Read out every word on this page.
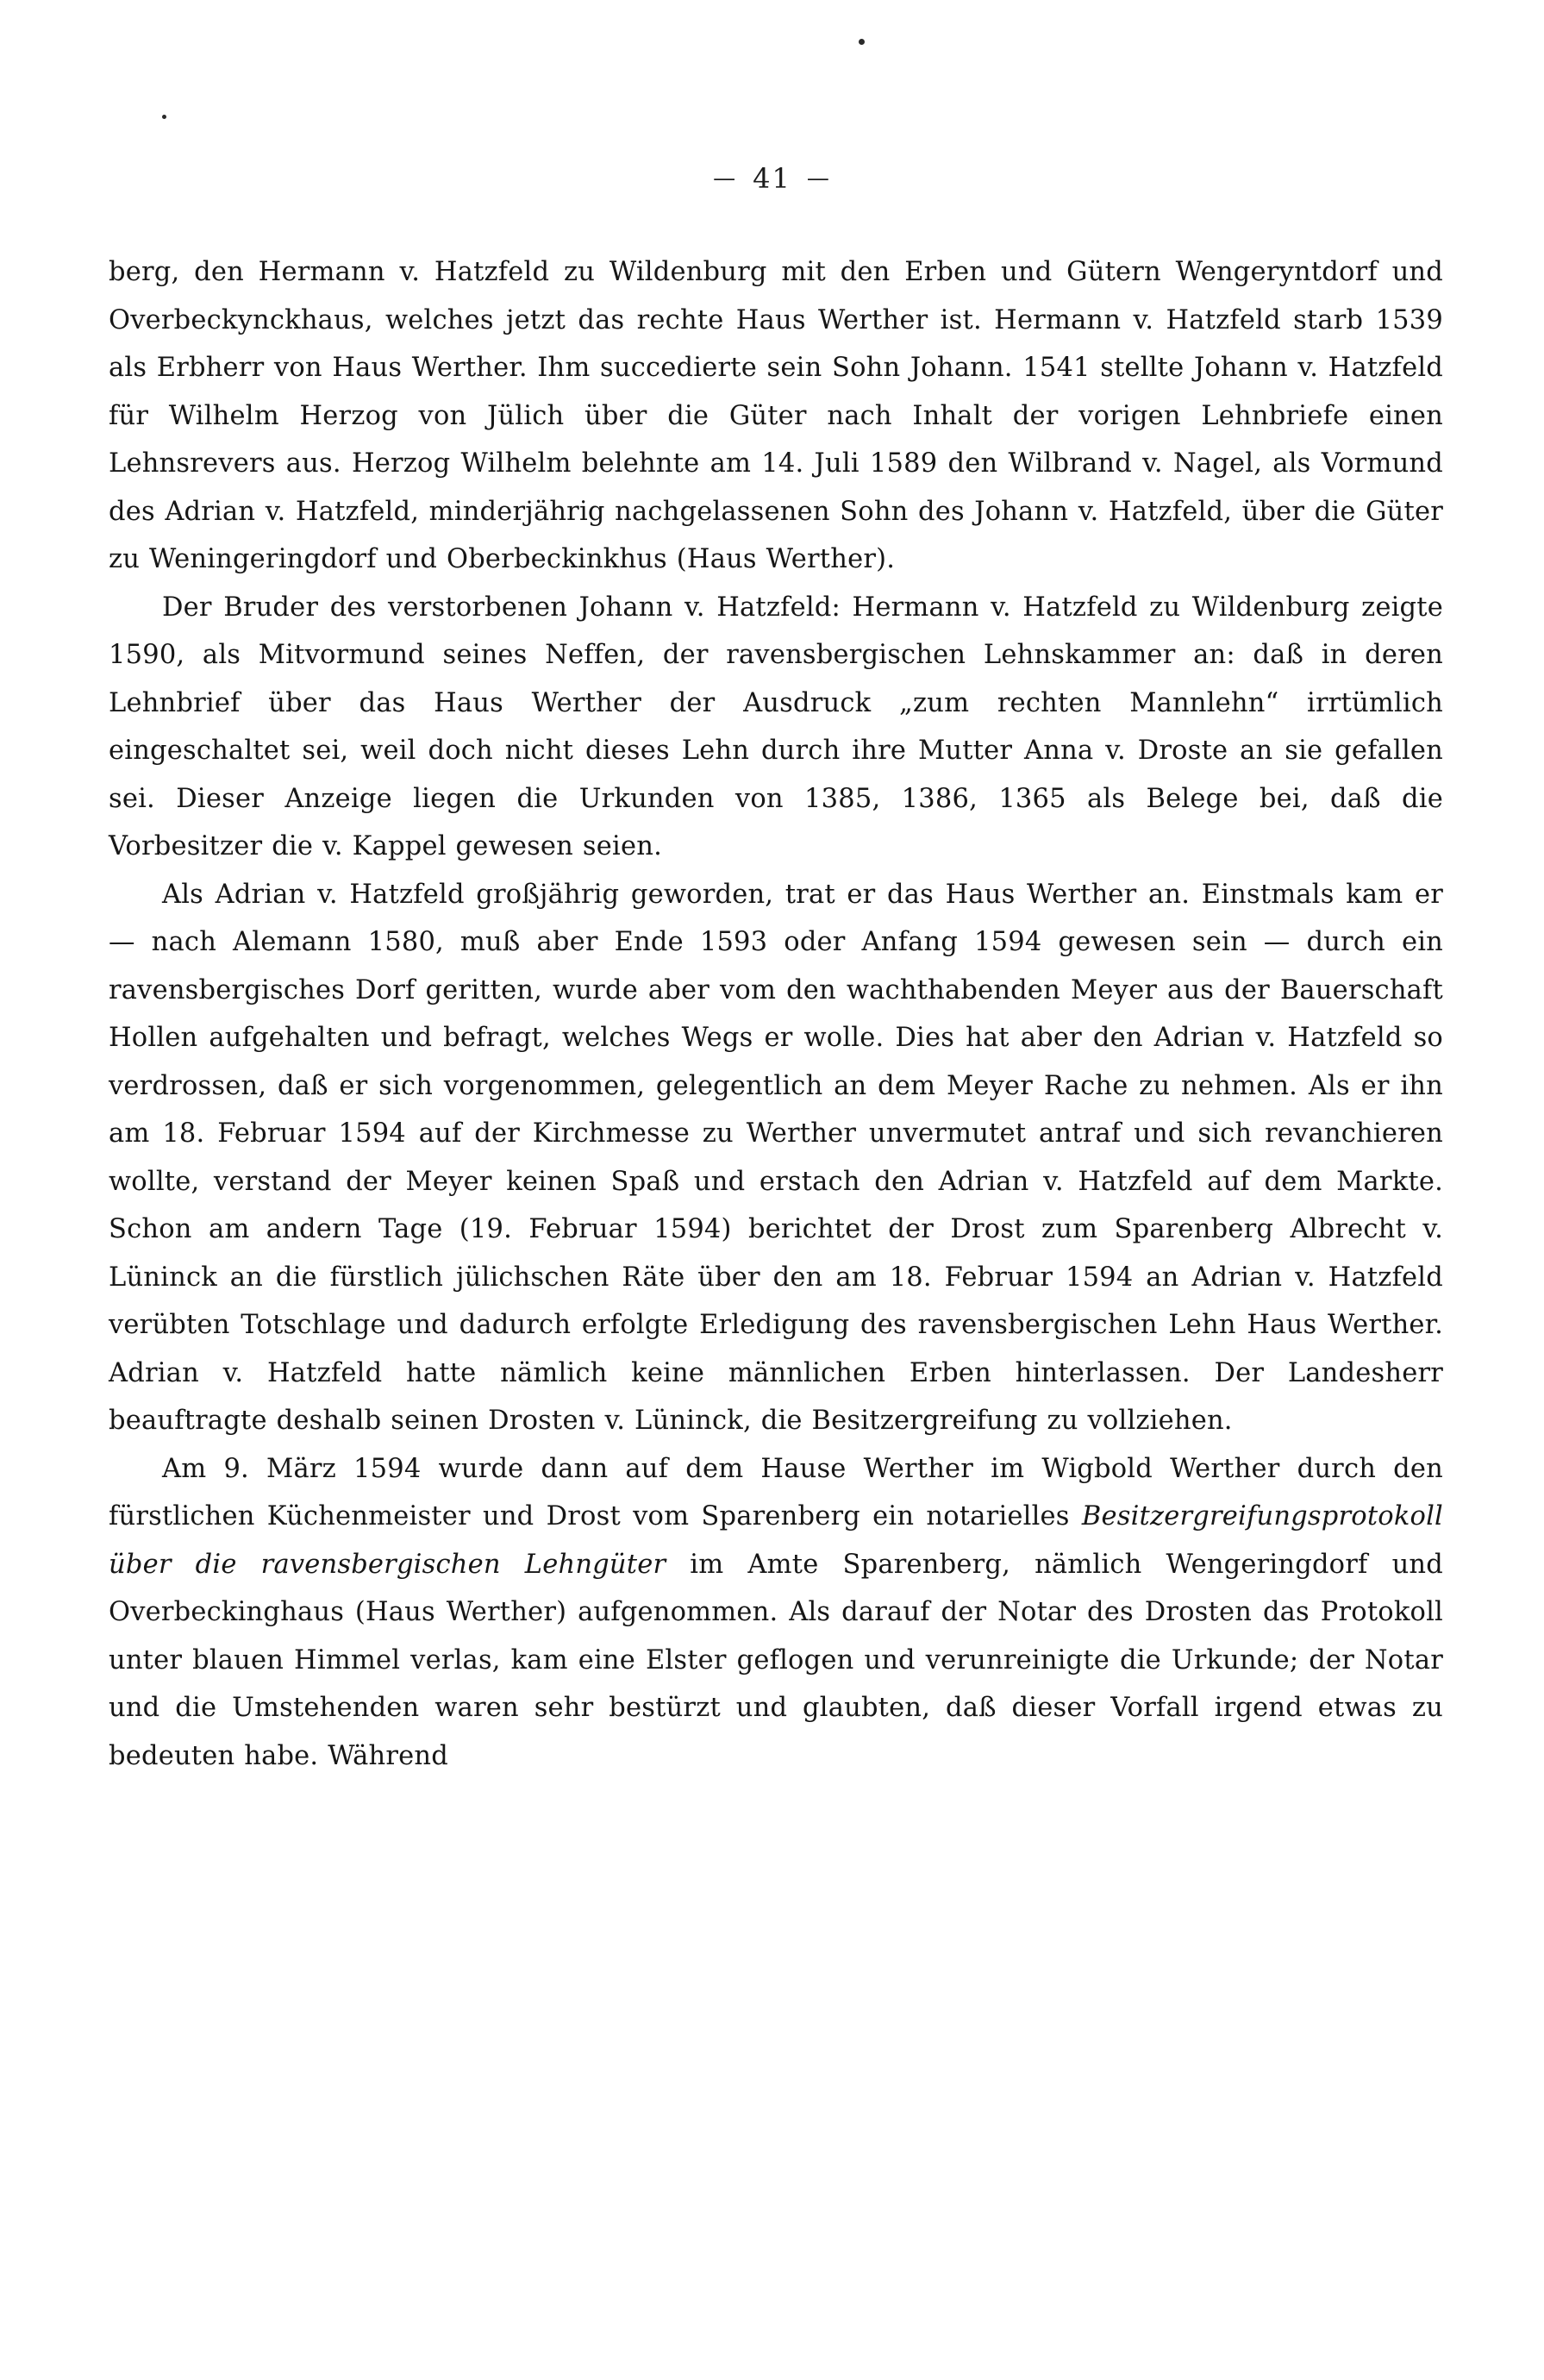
— 41 —

berg, den Hermann v. Hatzfeld zu Wildenburg mit den Erben und Gütern Wengeryntdorf und Overbeckynckhaus, welches jetzt das rechte Haus Werther ist. Hermann v. Hatzfeld starb 1539 als Erbherr von Haus Werther. Ihm succedierte sein Sohn Johann. 1541 stellte Johann v. Hatzfeld für Wilhelm Herzog von Jülich über die Güter nach Inhalt der vorigen Lehnbriefe einen Lehnsrevers aus. Herzog Wilhelm belehnte am 14. Juli 1589 den Wilbrand v. Nagel, als Vormund des Adrian v. Hatzfeld, minderjährig nachgelassenen Sohn des Johann v. Hatzfeld, über die Güter zu Weningeringdorf und Oberbeckinkhus (Haus Werther).

Der Bruder des verstorbenen Johann v. Hatzfeld: Hermann v. Hatzfeld zu Wildenburg zeigte 1590, als Mitvormund seines Neffen, der ravensbergischen Lehnskammer an: daß in deren Lehnbrief über das Haus Werther der Ausdruck „zum rechten Mannlehn“ irrtümlich eingeschaltet sei, weil doch nicht dieses Lehn durch ihre Mutter Anna v. Droste an sie gefallen sei. Dieser Anzeige liegen die Urkunden von 1385, 1386, 1365 als Belege bei, daß die Vorbesitzer die v. Kappel gewesen seien.

Als Adrian v. Hatzfeld großjährig geworden, trat er das Haus Werther an. Einstmals kam er — nach Alemann 1580, muß aber Ende 1593 oder Anfang 1594 gewesen sein — durch ein ravensbergisches Dorf geritten, wurde aber vom den wachthabenden Meyer aus der Bauerschaft Hollen aufgehalten und befragt, welches Wegs er wolle. Dies hat aber den Adrian v. Hatzfeld so verdrossen, daß er sich vorgenommen, gelegentlich an dem Meyer Rache zu nehmen. Als er ihn am 18. Februar 1594 auf der Kirchmesse zu Werther unvermutet antraf und sich revanchieren wollte, verstand der Meyer keinen Spaß und erstach den Adrian v. Hatzfeld auf dem Markte. Schon am andern Tage (19. Februar 1594) berichtet der Drost zum Sparenberg Albrecht v. Lüninck an die fürstlich jülichschen Räte über den am 18. Februar 1594 an Adrian v. Hatzfeld verübten Totschlage und dadurch erfolgte Erledigung des ravensbergischen Lehn Haus Werther. Adrian v. Hatzfeld hatte nämlich keine männlichen Erben hinterlassen. Der Landesherr beauftragte deshalb seinen Drosten v. Lüninck, die Besitzergreifung zu vollziehen.

Am 9. März 1594 wurde dann auf dem Hause Werther im Wigbold Werther durch den fürstlichen Küchenmeister und Drost vom Sparenberg ein notarielles Besitzergreifungsprotokoll über die ravensbergischen Lehngüter im Amte Sparenberg, nämlich Wengeringdorf und Overbeckinghaus (Haus Werther) aufgenommen. Als darauf der Notar des Drosten das Protokoll unter blauen Himmel verlas, kam eine Elster geflogen und verunreinigte die Urkunde; der Notar und die Umstehenden waren sehr bestürzt und glaubten, daß dieser Vorfall irgend etwas zu bedeuten habe. Während
